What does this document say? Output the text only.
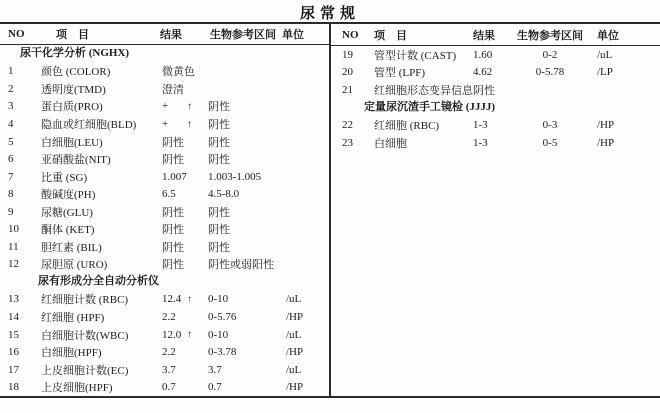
尿常规
NO	项　目	结果	生物参考区间 单位
尿干化学分析 (NGHX)
1	颜色 (COLOR)	微黄色
2	透明度(TMD)	澄清
3	蛋白质(PRO)	+	↑	阴性
4	隐血或红细胞(BLD)	+	↑	阴性
5	白细胞(LEU)	阴性	阴性
6	亚硝酸盐(NIT)	阴性	阴性
7	比重 (SG)	1.007	1.003-1.005
8	酸碱度(PH)	6.5	4.5-8.0
9	尿糖(GLU)	阴性	阴性
10	酮体 (KET)	阴性	阴性
11	胆红素 (BIL)	阴性	阴性
12	尿胆原 (URO)	阴性	阴性或弱阳性
尿有形成分全自动分析仪
13	红细胞计数 (RBC)	12.4 ↑	0-10	/uL
14	红细胞 (HPF)	2.2	0-5.76	/HP
15	白细胞计数(WBC)	12.0 ↑	0-10	/uL
16	白细胞(HPF)	2.2	0-3.78	/HP
17	上皮细胞计数(EC)	3.7	3.7	/uL
18	上皮细胞(HPF)	0.7	0.7	/HP
NO	项　目	结果	生物参考区间	单位
19	管型计数 (CAST)	1.60	0-2	/uL
20	管型 (LPF)	4.62	0-5.78	/LP
21	红细胞形态变异信息 阴性
定量尿沉渣手工镜检 (JJJJ)
22	红细胞 (RBC)	1-3	0-3	/HP
23	白细胞	1-3	0-5	/HP
